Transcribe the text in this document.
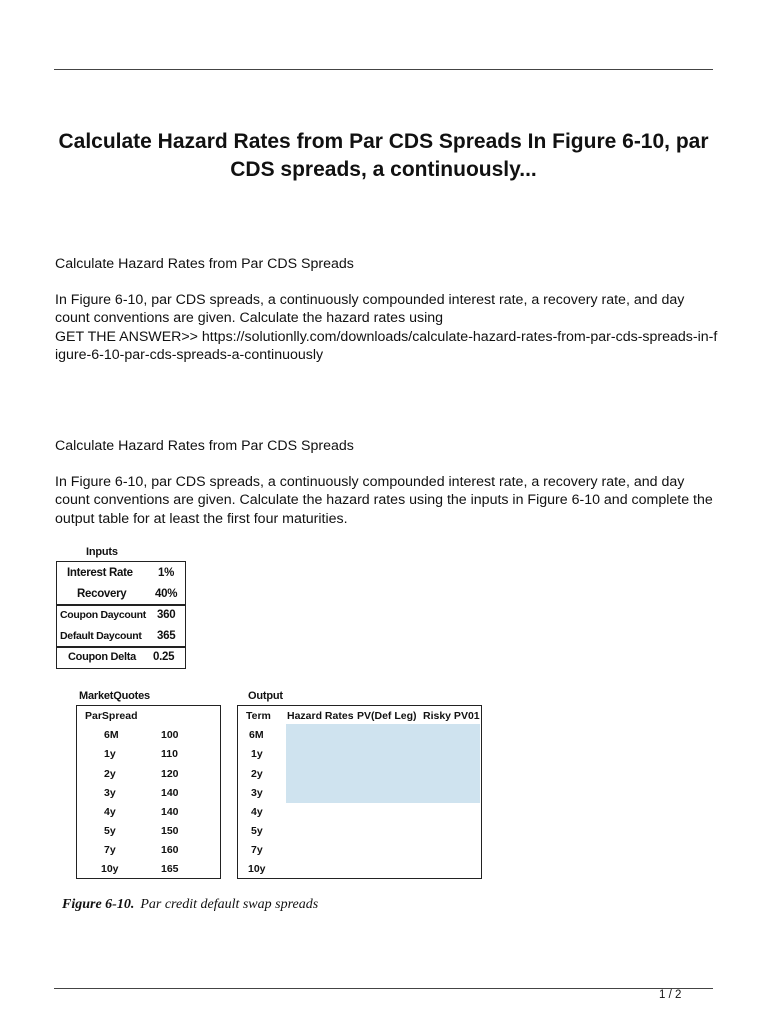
Calculate Hazard Rates from Par CDS Spreads In Figure 6-10, par CDS spreads, a continuously...
Calculate Hazard Rates from Par CDS Spreads
In Figure 6-10, par CDS spreads, a continuously compounded interest rate, a recovery rate, and day count conventions are given. Calculate the hazard rates using
GET THE ANSWER>> https://solutionlly.com/downloads/calculate-hazard-rates-from-par-cds-spreads-in-figure-6-10-par-cds-spreads-a-continuously
Calculate Hazard Rates from Par CDS Spreads
In Figure 6-10, par CDS spreads, a continuously compounded interest rate, a recovery rate, and day count conventions are given. Calculate the hazard rates using the inputs in Figure 6-10 and complete the output table for at least the first four maturities.
Inputs
Interest Rate 1%
Recovery 40%
Coupon Daycount 360
Default Daycount 365
Coupon Delta 0.25
MarketQuotes
ParSpread
6M	100
1y	110
2y	120
3y	140
4y	140
5y	150
7y	160
10y	165
Output
Term Hazard Rates PV(Def Leg) Risky PV01
6M
1y
2y
3y
4y
5y
7y
10y
Figure 6-10. Par credit default swap spreads
1 / 2
